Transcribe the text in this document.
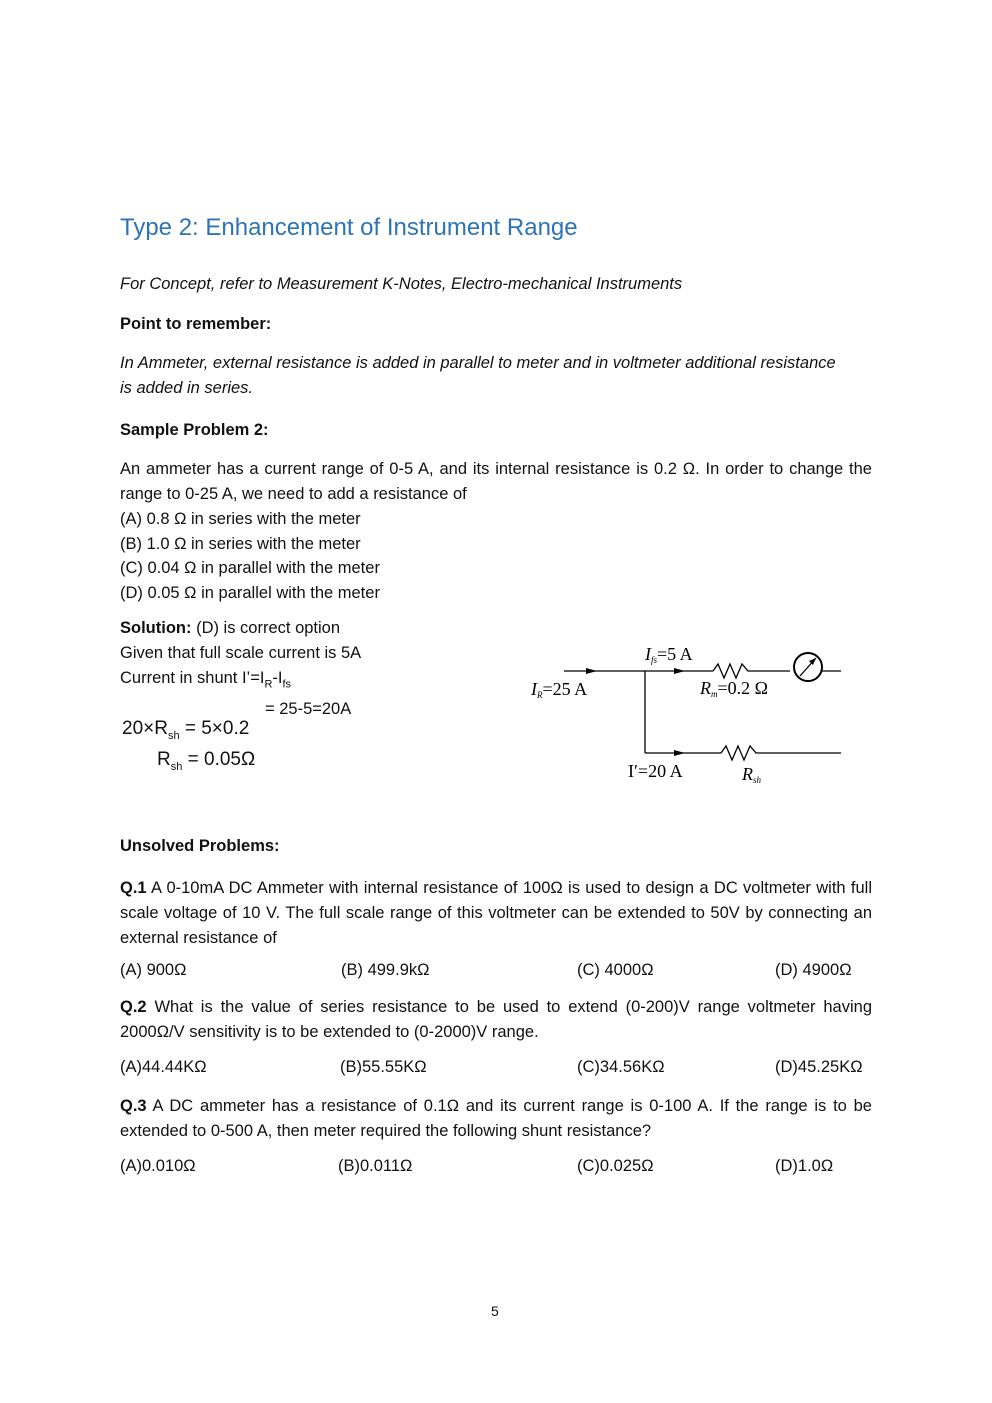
Type 2: Enhancement of Instrument Range
For Concept, refer to Measurement K-Notes, Electro-mechanical Instruments
Point to remember:
In Ammeter, external resistance is added in parallel to meter and in voltmeter additional resistance is added in series.
Sample Problem 2:
An ammeter has a current range of 0-5 A, and its internal resistance is 0.2 Ω. In order to change the range to 0-25 A, we need to add a resistance of
(A) 0.8 Ω in series with the meter
(B) 1.0 Ω in series with the meter
(C) 0.04 Ω in parallel with the meter
(D) 0.05 Ω in parallel with the meter
Solution: (D) is correct option
Given that full scale current is 5A
Current in shunt $I’=I_R-I_{fs}$
= 25-5=20A
$20\times R_{sh} = 5\times 0.2$
$R_{sh} = 0.05\Omega$
Ifs=5 A
IR=25 A	Rm=0.2 Ω
I′=20 A	Rsh
Unsolved Problems:
Q.1 A 0-10mA DC Ammeter with internal resistance of 100Ω is used to design a DC voltmeter with full scale voltage of 10 V. The full scale range of this voltmeter can be extended to 50V by connecting an external resistance of
(A) 900Ω	(B) 499.9kΩ	(C) 4000Ω	(D) 4900Ω
Q.2 What is the value of series resistance to be used to extend (0-200)V range voltmeter having 2000Ω/V sensitivity is to be extended to (0-2000)V range.
(A)44.44KΩ	(B)55.55KΩ	(C)34.56KΩ	(D)45.25KΩ
Q.3 A DC ammeter has a resistance of 0.1Ω and its current range is 0-100 A. If the range is to be extended to 0-500 A, then meter required the following shunt resistance?
(A)0.010Ω	(B)0.011Ω	(C)0.025Ω	(D)1.0Ω
5
